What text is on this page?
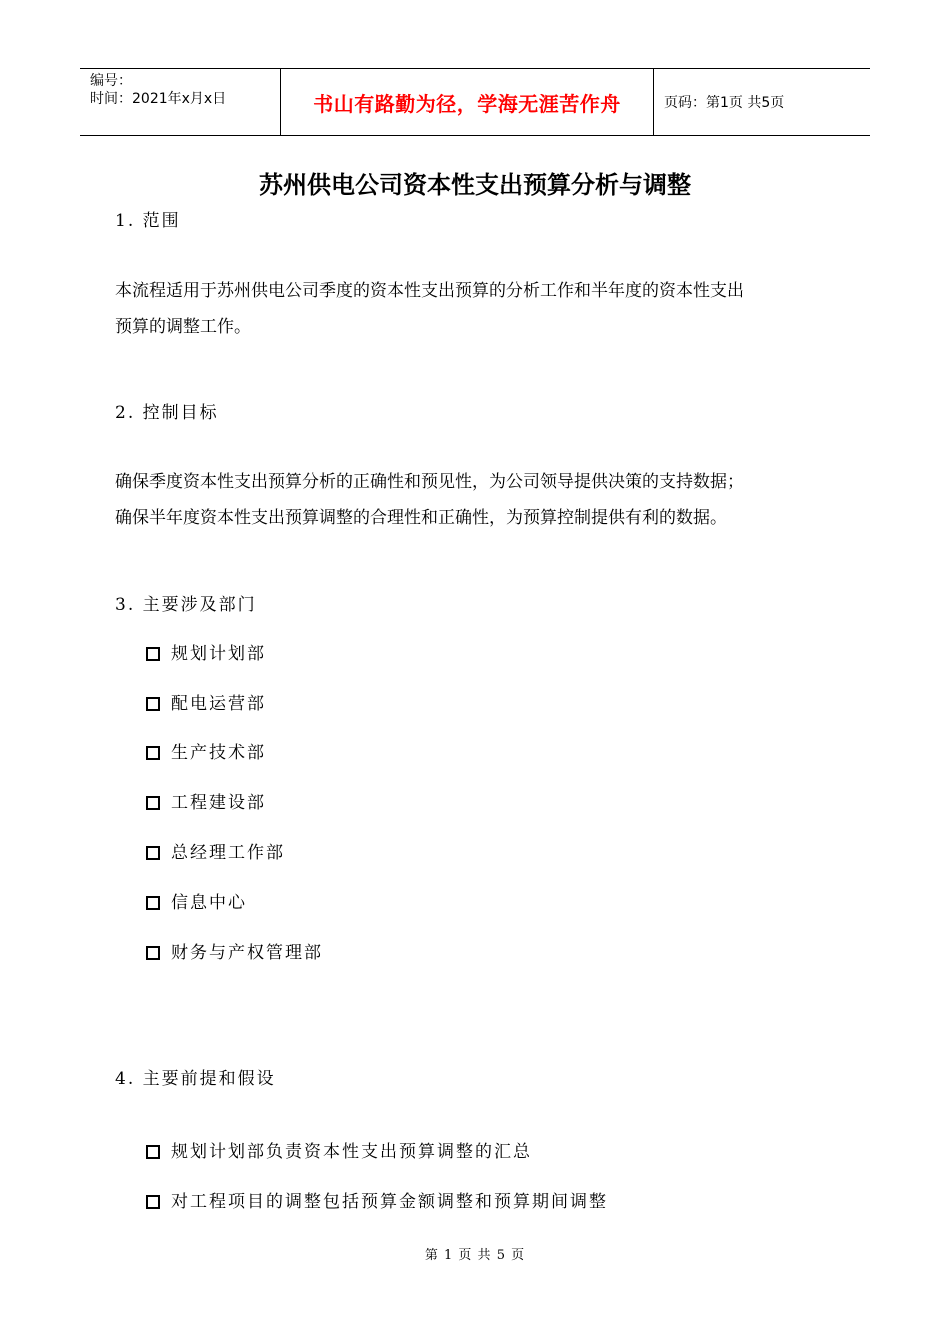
编号：
时间：2021年x月x日	书山有路勤为径，学海无涯苦作舟	页码：第1页 共5页
苏州供电公司资本性支出预算分析与调整
1. 范围
本流程适用于苏州供电公司季度的资本性支出预算的分析工作和半年度的资本性支出
预算的调整工作。
2. 控制目标
确保季度资本性支出预算分析的正确性和预见性，为公司领导提供决策的支持数据；
确保半年度资本性支出预算调整的合理性和正确性，为预算控制提供有利的数据。
3. 主要涉及部门
规划计划部
配电运营部
生产技术部
工程建设部
总经理工作部
信息中心
财务与产权管理部
4. 主要前提和假设
规划计划部负责资本性支出预算调整的汇总
对工程项目的调整包括预算金额调整和预算期间调整
第 1 页 共 5 页
